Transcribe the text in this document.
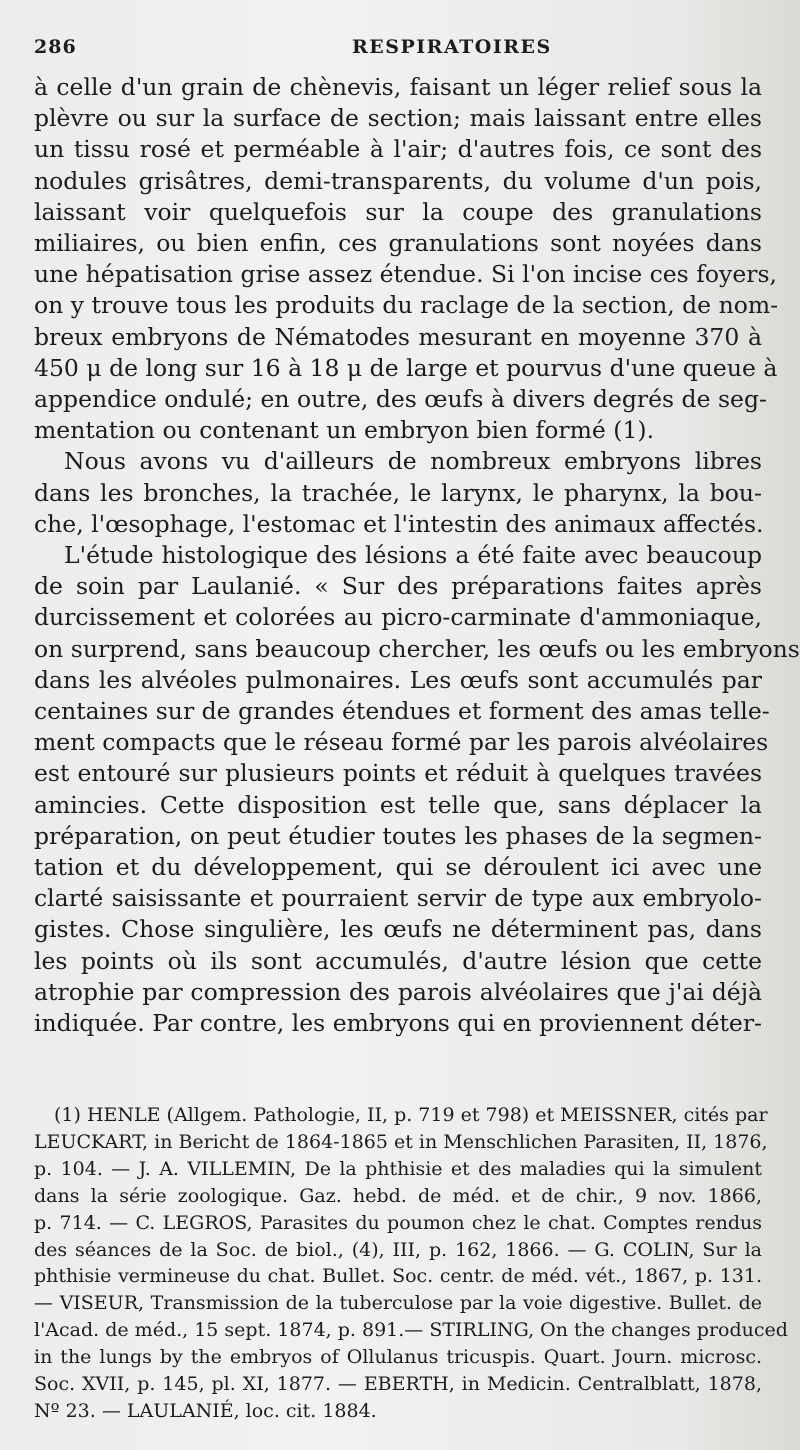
286	RESPIRATOIRES
à celle d'un grain de chènevis, faisant un léger relief sous la
plèvre ou sur la surface de section; mais laissant entre elles
un tissu rosé et perméable à l'air; d'autres fois, ce sont des
nodules grisâtres, demi-transparents, du volume d'un pois,
laissant voir quelquefois sur la coupe des granulations
miliaires, ou bien enfin, ces granulations sont noyées dans
une hépatisation grise assez étendue. Si l'on incise ces foyers,
on y trouve tous les produits du raclage de la section, de nom-
breux embryons de Nématodes mesurant en moyenne 370 à
450 μ de long sur 16 à 18 μ de large et pourvus d'une queue à
appendice ondulé; en outre, des œufs à divers degrés de seg-
mentation ou contenant un embryon bien formé (1).
Nous avons vu d'ailleurs de nombreux embryons libres
dans les bronches, la trachée, le larynx, le pharynx, la bou-
che, l'œsophage, l'estomac et l'intestin des animaux affectés.
L'étude histologique des lésions a été faite avec beaucoup
de soin par Laulanié. « Sur des préparations faites après
durcissement et colorées au picro-carminate d'ammoniaque,
on surprend, sans beaucoup chercher, les œufs ou les embryons
dans les alvéoles pulmonaires. Les œufs sont accumulés par
centaines sur de grandes étendues et forment des amas telle-
ment compacts que le réseau formé par les parois alvéolaires
est entouré sur plusieurs points et réduit à quelques travées
amincies. Cette disposition est telle que, sans déplacer la
préparation, on peut étudier toutes les phases de la segmen-
tation et du développement, qui se déroulent ici avec une
clarté saisissante et pourraient servir de type aux embryolo-
gistes. Chose singulière, les œufs ne déterminent pas, dans
les points où ils sont accumulés, d'autre lésion que cette
atrophie par compression des parois alvéolaires que j'ai déjà
indiquée. Par contre, les embryons qui en proviennent déter-
(1) HENLE (Allgem. Pathologie, II, p. 719 et 798) et MEISSNER, cités par
LEUCKART, in Bericht de 1864-1865 et in Menschlichen Parasiten, II, 1876,
p. 104. — J. A. VILLEMIN, De la phthisie et des maladies qui la simulent
dans la série zoologique. Gaz. hebd. de méd. et de chir., 9 nov. 1866,
p. 714. — C. LEGROS, Parasites du poumon chez le chat. Comptes rendus
des séances de la Soc. de biol., (4), III, p. 162, 1866. — G. COLIN, Sur la
phthisie vermineuse du chat. Bullet. Soc. centr. de méd. vét., 1867, p. 131.
— VISEUR, Transmission de la tuberculose par la voie digestive. Bullet. de
l'Acad. de méd., 15 sept. 1874, p. 891.— STIRLING, On the changes produced
in the lungs by the embryos of Ollulanus tricuspis. Quart. Journ. microsc.
Soc. XVII, p. 145, pl. XI, 1877. — EBERTH, in Medicin. Centralblatt, 1878,
Nº 23. — LAULANIÉ, loc. cit. 1884.
